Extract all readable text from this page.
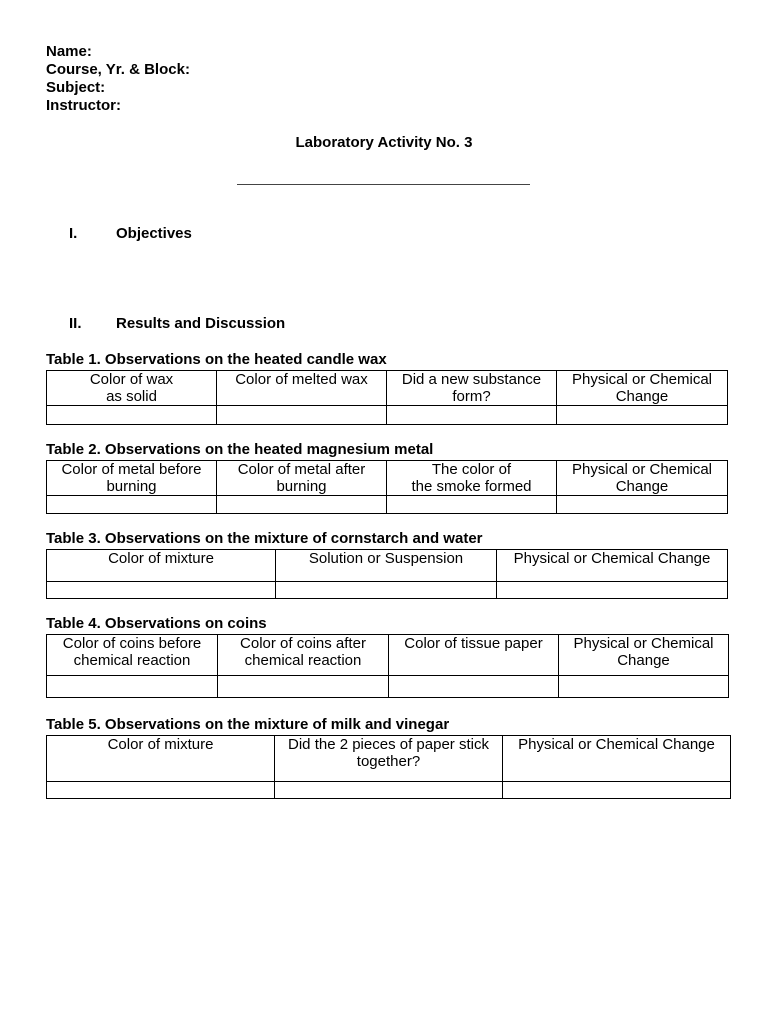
Name:
Course, Yr. & Block:
Subject:
Instructor:
Laboratory Activity No. 3
I.	Objectives
II. Results and Discussion
Table 1. Observations on the heated candle wax
Color of wax
as solid	Color of melted wax	Did a new substance
form?	Physical or Chemical
Change

Table 2. Observations on the heated magnesium metal
Color of metal before
burning	Color of metal after
burning	The color of
the smoke formed	Physical or Chemical
Change

Table 3. Observations on the mixture of cornstarch and water
Color of mixture	Solution or Suspension	Physical or Chemical Change

Table 4. Observations on coins
Color of coins before
chemical reaction	Color of coins after
chemical reaction	Color of tissue paper	Physical or Chemical
Change

Table 5. Observations on the mixture of milk and vinegar
Color of mixture	Did the 2 pieces of paper stick
together?	Physical or Chemical Change
